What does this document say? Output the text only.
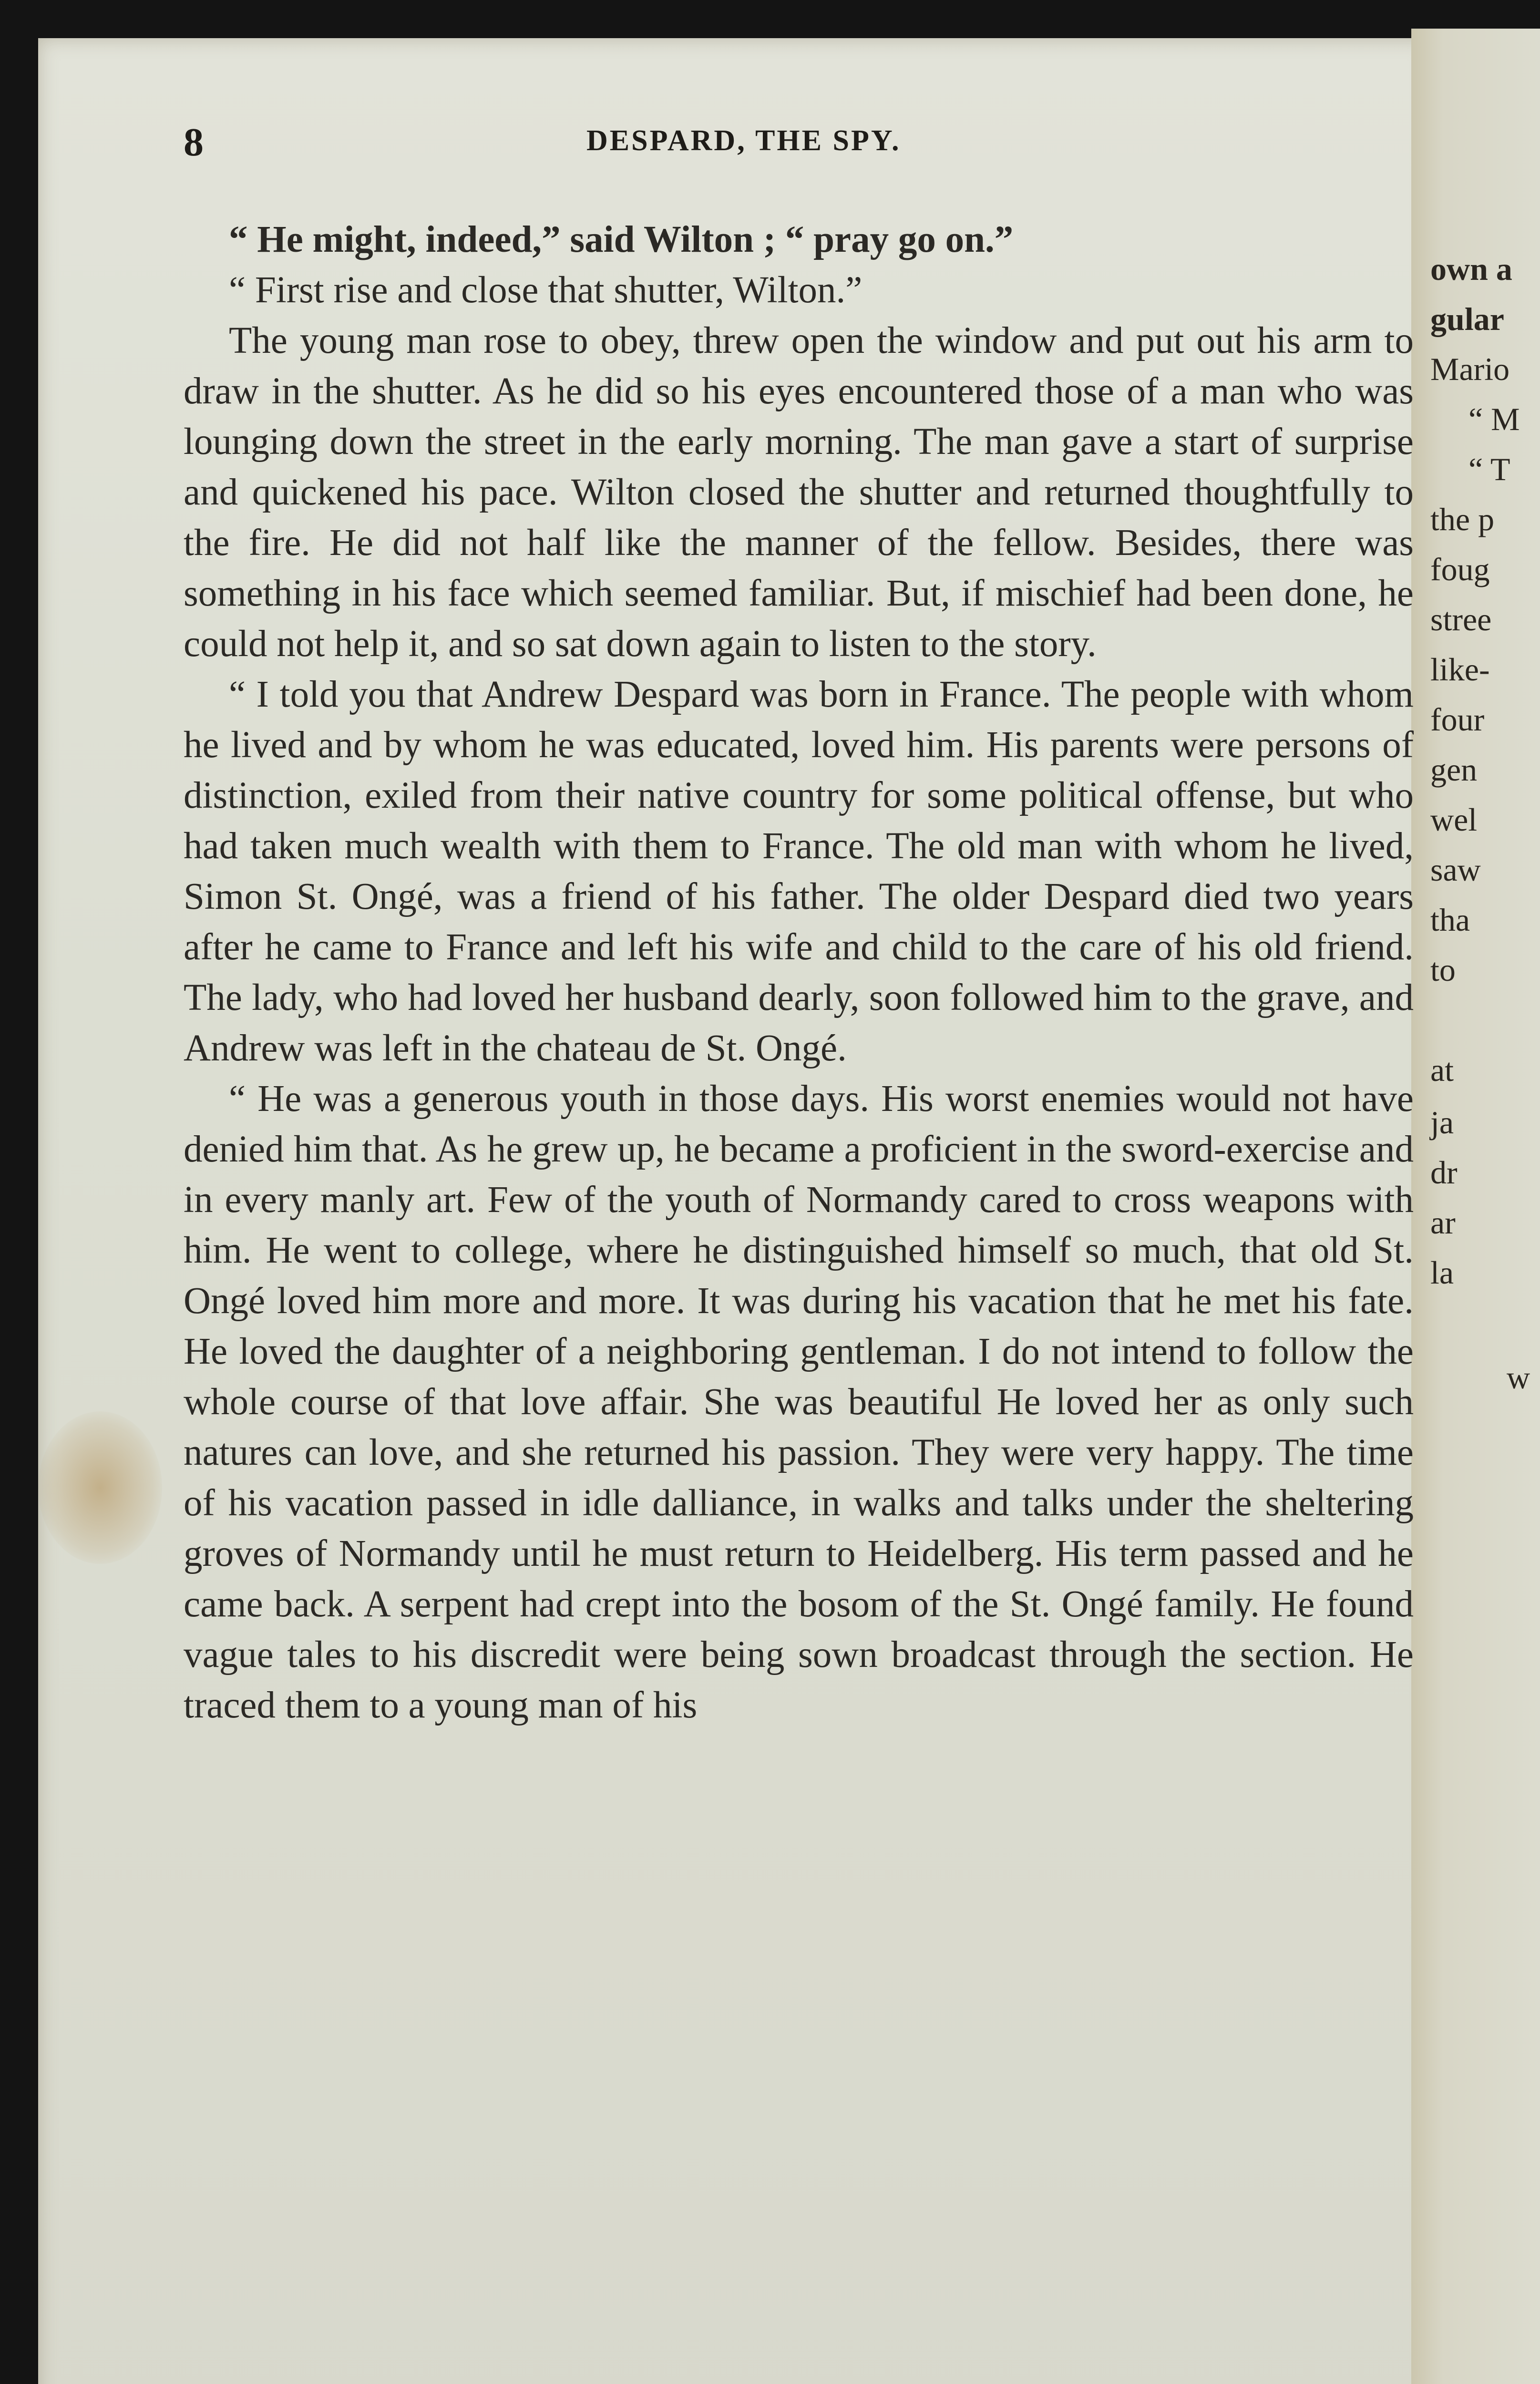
own a
gular
Mario
“ M
“ T
the p
foug
stree
like-
four
gen
wel
saw
tha
to
at
ja
dr
ar
la
w
8	DESPARD, THE SPY.

“ He might, indeed,” said Wilton ; “ pray go on.”

“ First rise and close that shutter, Wilton.”

The young man rose to obey, threw open the window and put out his arm to draw in the shutter. As he did so his eyes encountered those of a man who was lounging down the street in the early morning. The man gave a start of surprise and quickened his pace. Wilton closed the shutter and returned thoughtfully to the fire. He did not half like the manner of the fellow. Besides, there was something in his face which seemed familiar. But, if mischief had been done, he could not help it, and so sat down again to listen to the story.

“ I told you that Andrew Despard was born in France. The people with whom he lived and by whom he was educated, loved him. His parents were persons of distinction, exiled from their native country for some political offense, but who had taken much wealth with them to France. The old man with whom he lived, Simon St. Ongé, was a friend of his father. The older Despard died two years after he came to France and left his wife and child to the care of his old friend. The lady, who had loved her husband dearly, soon followed him to the grave, and Andrew was left in the chateau de St. Ongé.

“ He was a generous youth in those days. His worst enemies would not have denied him that. As he grew up, he became a proficient in the sword-exercise and in every manly art. Few of the youth of Normandy cared to cross weapons with him. He went to college, where he distinguished himself so much, that old St. Ongé loved him more and more. It was during his vacation that he met his fate. He loved the daughter of a neighboring gentleman. I do not intend to follow the whole course of that love affair. She was beautiful He loved her as only such natures can love, and she returned his passion. They were very happy. The time of his vacation passed in idle dalliance, in walks and talks under the sheltering groves of Normandy until he must return to Heidelberg. His term passed and he came back. A serpent had crept into the bosom of the St. Ongé family. He found vague tales to his discredit were being sown broadcast through the section. He traced them to a young man of his
